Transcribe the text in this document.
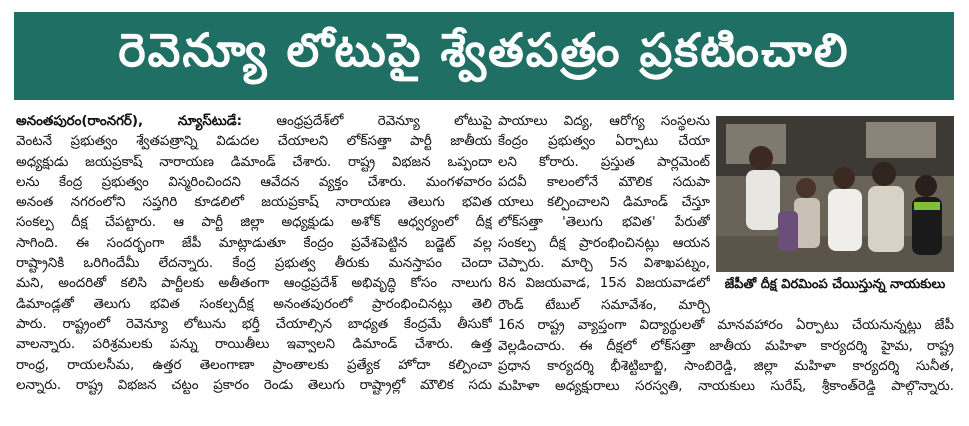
రెవెన్యూ లోటుపై శ్వేతపత్రం ప్రకటించాలి
అనంతపురం(రాంనగర్), న్యూస్‌టుడే:	ఆంధ్రప్రదేశ్‌లో రెవెన్యూ లోటుపై
వెంటనే ప్రభుత్వం శ్వేతపత్రాన్ని విడుదల చేయాలని లోక్‌సత్తా పార్టీ జాతీయ
అధ్యక్షుడు జయప్రకాష్ నారాయణ డిమాండ్ చేశారు. రాష్ట్ర విభజన ఒప్పందా
లను కేంద్ర ప్రభుత్వం విస్మరించిందని ఆవేదన వ్యక్తం చేశారు. మంగళవారం
అనంత నగరంలోని సప్తగిరి కూడలిలో జయప్రకాష్ నారాయణ తెలుగు భవిత
సంకల్ప దీక్ష చేపట్టారు. ఆ పార్టీ జిల్లా అధ్యక్షుడు అశోక్ ఆధ్వర్యంలో దీక్ష
సాగింది. ఈ సందర్భంగా జేపీ మాట్లాడుతూ కేంద్రం ప్రవేశపెట్టిన బడ్జెట్ వల్ల
రాష్ట్రానికి ఒరిగిందేమీ లేదన్నారు. కేంద్ర ప్రభుత్వ తీరుకు మనస్తాపం చెందా
మని, అందరితో కలిసి పార్టీలకు అతీతంగా ఆంధ్రప్రదేశ్ అభివృద్ధి కోసం నాలుగు
డిమాండ్లతో తెలుగు భవిత సంకల్పదీక్ష అనంతపురంలో ప్రారంభించినట్లు తెలి
పారు. రాష్ట్రంలో రెవెన్యూ లోటును భర్తీ చేయాల్సిన బాధ్యత కేంద్రమే తీసుకో
వాలన్నారు. పరిశ్రమలకు పన్ను రాయితీలు ఇవ్వాలని డిమాండ్ చేశారు. ఉత్త
రాంధ్ర, రాయలసీమ, ఉత్తర తెలంగాణా ప్రాంతాలకు ప్రత్యేక హోదా కల్పించా
లన్నారు. రాష్ట్ర విభజన చట్టం ప్రకారం రెండు తెలుగు రాష్ట్రాల్లో మౌలిక సదు
పాయాలు విద్య, ఆరోగ్య సంస్థలను
కేంద్రం ప్రభుత్వం ఏర్పాటు చేయా
లని కోరారు. ప్రస్తుత పార్లమెంట్
పదవీ కాలంలోనే మౌలిక సదుపా
యాలు కల్పించాలని డిమాండ్ చేస్తూ
లోక్‌సత్తా 'తెలుగు భవిత' పేరుతో
సంకల్ప దీక్ష ప్రారంభించినట్లు ఆయన
చెప్పారు. మార్చి 5న విశాఖపట్నం,
8న విజయవాడ, 15న విజయవాడలో	జేపీతో దీక్ష విరమింప చేయిస్తున్న నాయకులు
రౌండ్ టేబుల్ సమావేశం, మార్చి
16న రాష్ట్ర వ్యాప్తంగా విద్యార్థులతో మానవహారం ఏర్పాటు చేయనున్నట్లు జేపీ
వెల్లడించారు. ఈ దీక్షలో లోక్‌సత్తా జాతీయ మహిళా కార్యదర్శి హైమ, రాష్ట్ర
ప్రధాన కార్యదర్శి భీశెట్టిబాబ్జి, సాంబిరెడ్డి, జిల్లా మహిళా కార్యదర్శి సునీత,
మహిళా అధ్యక్షురాలు సరస్వతి, నాయకులు సురేష్, శ్రీకాంత్‌రెడ్డి పాల్గొన్నారు.
